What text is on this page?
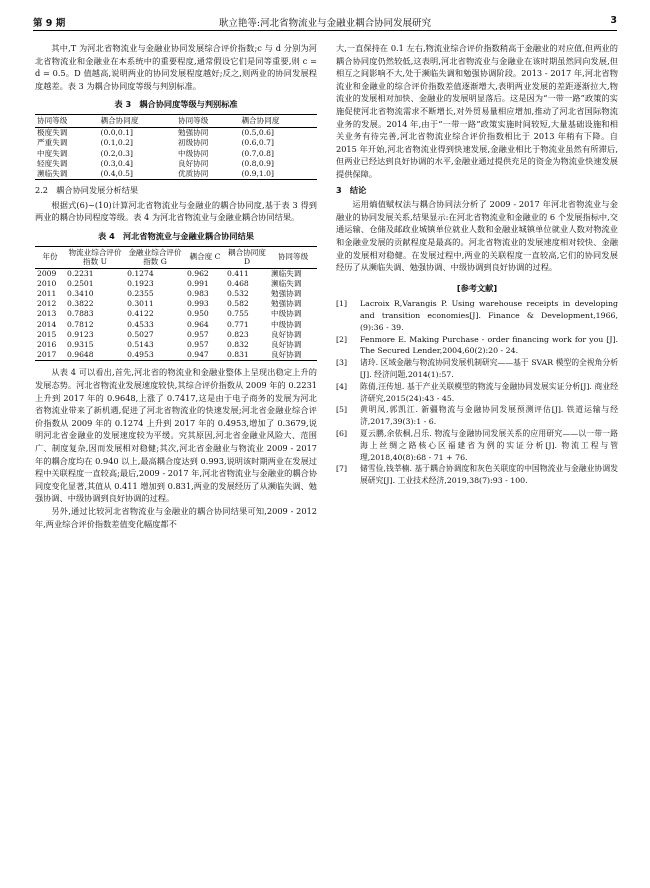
耿立艳等:河北省物流业与金融业耦合协同发展研究
第 9 期	3

其中,T 为河北省物流业与金融业协同发展综合评价指数;c 与 d 分别为河北省物流业和金融业在本系统中的重要程度,通常假设它们是同等重要,则 c = d = 0.5。D 值越高,说明两业的协同发展程度越好;反之,则两业的协同发展程度越差。表 3 为耦合协同度等级与判别标准。

表 3　耦合协同度等级与判别标准
协同等级	耦合协同度	协同等级	耦合协同度
极度失调	(0.0,0.1]	勉强协同	(0.5,0.6]
严重失调	(0.1,0.2]	初级协同	(0.6,0.7]
中度失调	(0.2,0.3]	中级协同	(0.7,0.8]
轻度失调	(0.3,0.4]	良好协同	(0.8,0.9]
濒临失调	(0.4,0.5]	优质协同	(0.9,1.0]
2.2　耦合协同发展分析结果

根据式(6)~(10)计算河北省物流业与金融业的耦合协同度,基于表 3 得到两业的耦合协同程度等级。表 4 为河北省物流业与金融业耦合协同结果。

表 4　河北省物流业与金融业耦合协同结果
年份	物流业综合评价指数 U	金融业综合评价指数 G	耦合度 C	耦合协同度 D	协同等级
2009	0.2231	0.1274	0.962	0.411	濒临失调
2010	0.2501	0.1923	0.991	0.468	濒临失调
2011	0.3410	0.2355	0.983	0.532	勉强协调
2012	0.3822	0.3011	0.993	0.582	勉强协调
2013	0.7883	0.4122	0.950	0.755	中级协调
2014	0.7812	0.4533	0.964	0.771	中级协调
2015	0.9123	0.5027	0.957	0.823	良好协调
2016	0.9315	0.5143	0.957	0.832	良好协调
2017	0.9648	0.4953	0.947	0.831	良好协调

从表 4 可以看出,首先,河北省的物流业和金融业整体上呈现出稳定上升的发展态势。河北省物流业发展速度较快,其综合评价指数从 2009 年的 0.2231 上升到 2017 年的 0.9648,上涨了 0.7417,这是由于电子商务的发展为河北省物流业带来了新机遇,促进了河北省物流业的快速发展;河北省金融业综合评价指数从 2009 年的 0.1274 上升到 2017 年的 0.4953,增加了 0.3679,说明河北省金融业的发展速度较为平缓。究其原因,河北省金融业风险大、范围广、制度复杂,因而发展相对稳健;其次,河北省金融业与物流业 2009 - 2017 年的耦合度均在 0.940 以上,最高耦合度达到 0.993,说明该时期两业在发展过程中关联程度一直较高;最后,2009 - 2017 年,河北省物流业与金融业的耦合协同度变化显著,其值从 0.411 增加到 0.831,两业的发展经历了从濒临失调、勉强协调、中级协调到良好协调的过程。

另外,通过比较河北省物流业与金融业的耦合协同结果可知,2009 - 2012 年,两业综合评价指数差值变化幅度都不

大,一直保持在 0.1 左右,物流业综合评价指数稍高于金融业的对应值,但两业的耦合协同度仍然较低,这表明,河北省物流业与金融业在该时期虽然同向发展,但相互之间影响不大,处于濒临失调和勉强协调阶段。2013 - 2017 年,河北省物流业和金融业的综合评价指数差值逐渐增大,表明两业发展的差距逐渐拉大,物流业的发展相对加快、金融业的发展明显落后。这是因为“一带一路”政策的实施促使河北省物流需求不断增长,对外贸易量相应增加,推动了河北省国际物流业务的发展。2014 年,由于“一带一路”政策实施时间较短,大量基础设施和相关业务有待完善,河北省物流业综合评价指数相比于 2013 年稍有下降。自 2015 年开始,河北省物流业得到快速发展,金融业相比于物流业虽然有所滞后,但两业已经达到良好协调的水平,金融业通过提供充足的资金为物流业快速发展提供保障。

3　结论

运用熵值赋权法与耦合协同法分析了 2009 - 2017 年河北省物流业与金融业的协同发展关系,结果显示:在河北省物流业和金融业的 6 个发展指标中,交通运输、仓储及邮政业城镇单位就业人数和金融业城镇单位就业人数对物流业和金融业发展的贡献程度是最高的。河北省物流业的发展速度相对较快、金融业的发展相对稳健。在发展过程中,两业的关联程度一直较高,它们的协同发展经历了从濒临失调、勉强协调、中级协调到良好协调的过程。

[参考文献]
[1]	Lacroix R,Varangis P. Using warehouse receipts in developing and transition economies[J]. Finance & Development,1966,(9):36 - 39.
[2]	Fenmore E. Making Purchase - order financing work for you [J]. The Secured Lender,2004,60(2):20 - 24.
[3]	诸玲. 区域金融与物流协同发展机制研究——基于 SVAR 模型的全视角分析[J]. 经济问题,2014(1):57.
[4]	陈倩,汪传旭. 基于产业关联模型的物流与金融协同发展实证分析[J]. 商业经济研究,2015(24):43 - 45.
[5]	黄明凤,郭凯江. 新疆物流与金融协同发展预测评估[J]. 铁道运输与经济,2017,39(3):1 - 6.
[6]	夏云鹏,余依桐,吕乐. 物流与金融协同发展关系的应用研究——以一带一路海上丝绸之路核心区福建省为例的实证分析[J]. 物流工程与管理,2018,40(8):68 - 71 + 76.
[7]	储雪俭,钱莘楠. 基于耦合协调度和灰色关联度的中国物流业与金融业协调发展研究[J]. 工业技术经济,2019,38(7):93 - 100.
